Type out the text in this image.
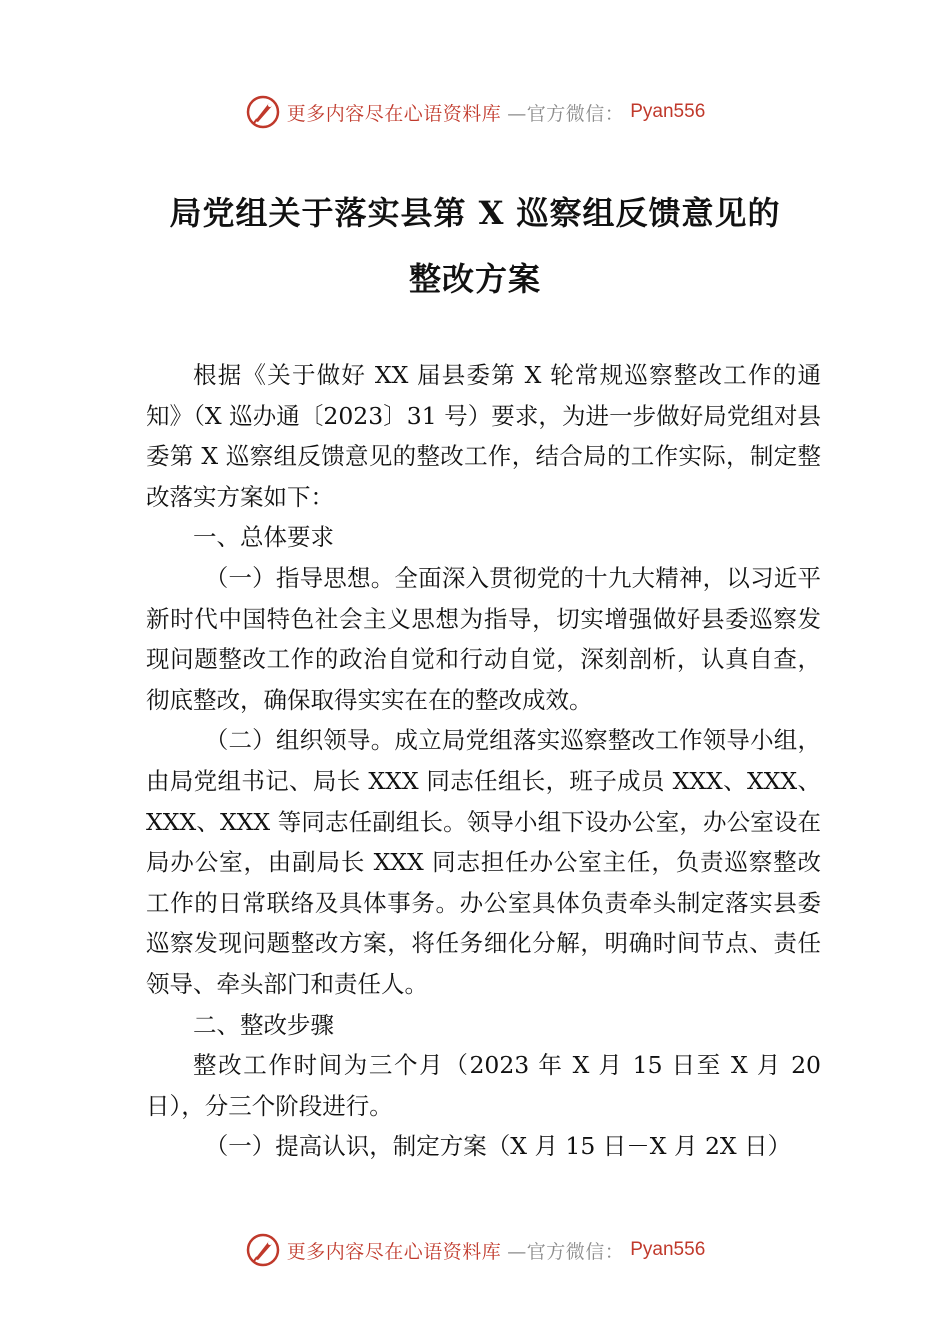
更多内容尽在心语资料库 —官方微信： Pyan556
局党组关于落实县第 X 巡察组反馈意见的
整改方案

根据《关于做好 XX 届县委第 X 轮常规巡察整改工作的通知》（X 巡办通〔2023〕31 号）要求，为进一步做好局党组对县委第 X 巡察组反馈意见的整改工作，结合局的工作实际，制定整改落实方案如下：

一、总体要求

（一）指导思想。全面深入贯彻党的十九大精神，以习近平新时代中国特色社会主义思想为指导，切实增强做好县委巡察发现问题整改工作的政治自觉和行动自觉，深刻剖析，认真自查，彻底整改，确保取得实实在在的整改成效。

（二）组织领导。成立局党组落实巡察整改工作领导小组，由局党组书记、局长 XXX 同志任组长，班子成员 XXX、XXX、XXX、XXX 等同志任副组长。领导小组下设办公室，办公室设在局办公室，由副局长 XXX 同志担任办公室主任，负责巡察整改工作的日常联络及具体事务。办公室具体负责牵头制定落实县委巡察发现问题整改方案，将任务细化分解，明确时间节点、责任领导、牵头部门和责任人。

二、整改步骤

整改工作时间为三个月（2023 年 X 月 15 日至 X 月 20 日），分三个阶段进行。

（一）提高认识，制定方案（X 月 15 日－X 月 2X 日）

更多内容尽在心语资料库 —官方微信： Pyan556
